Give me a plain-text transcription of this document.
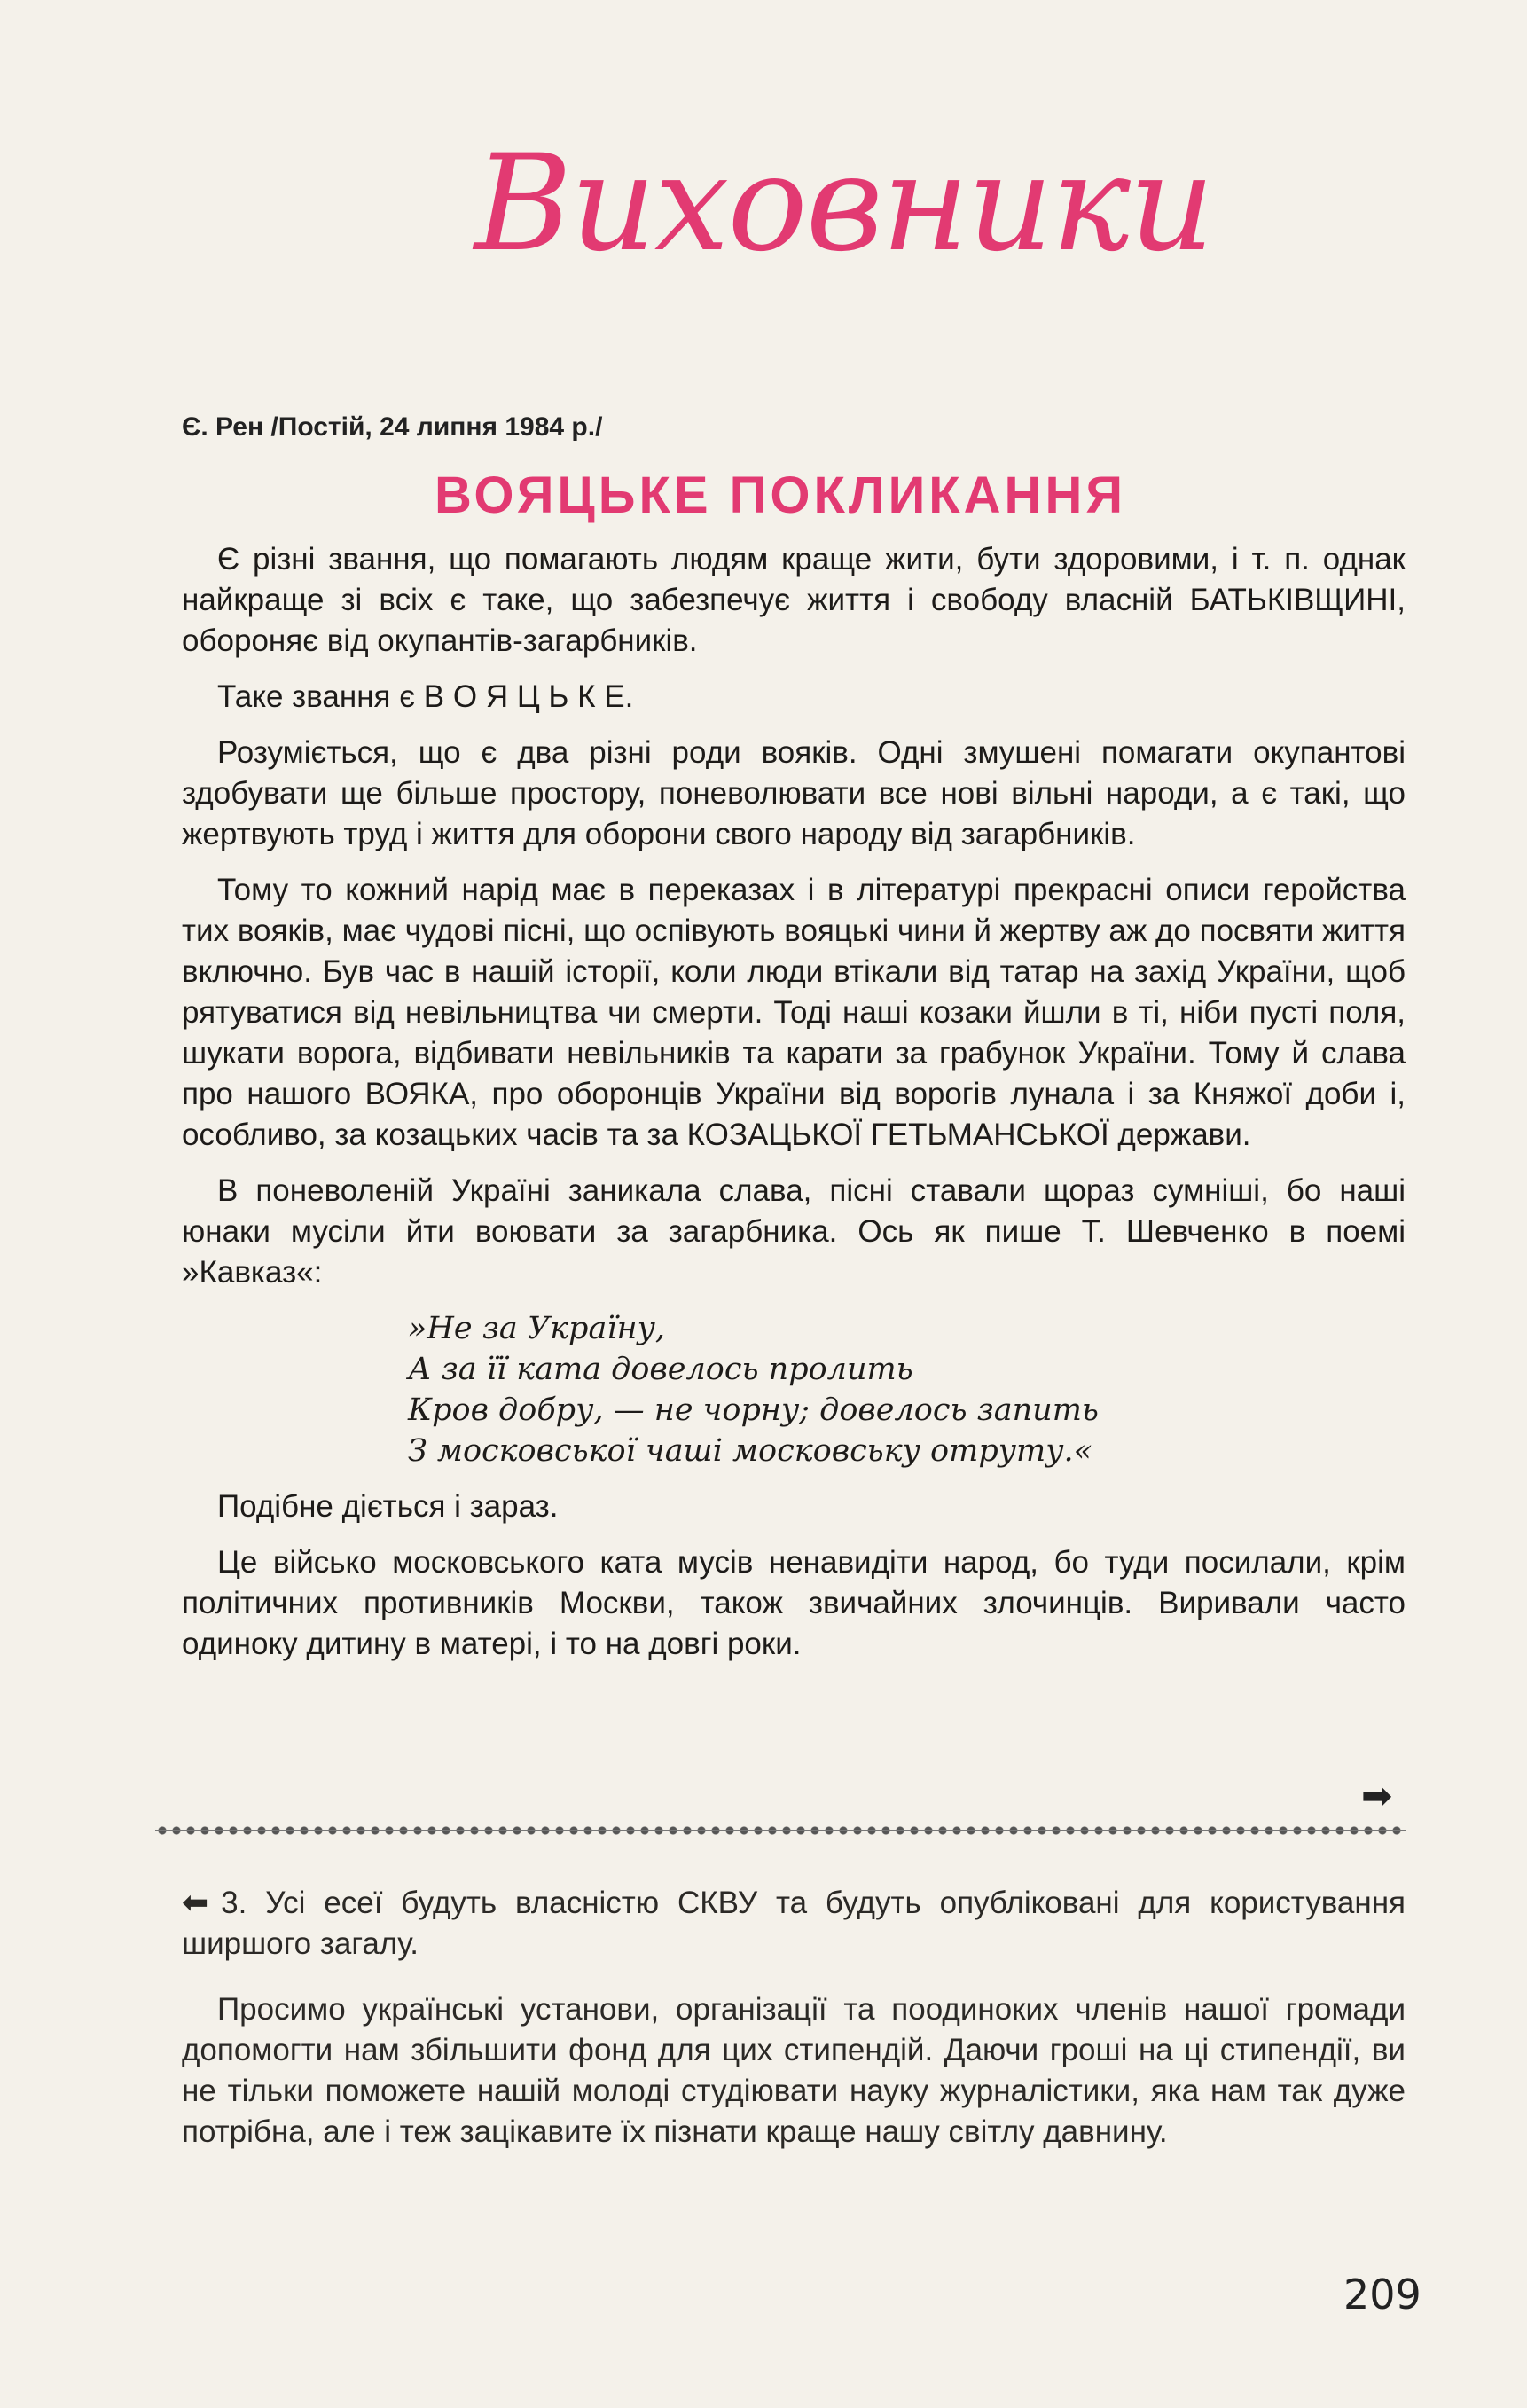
Виховники
Є. Рен /Постій, 24 липня 1984 р./
ВОЯЦЬКЕ ПОКЛИКАННЯ

Є різні звання, що помагають людям краще жити, бути здоровими, і т. п. однак найкраще зі всіх є таке, що забезпечує життя і свободу власній БАТЬКІВЩИНІ, обороняє від окупантів-загарбників.

Таке звання є В О Я Ц Ь К Е.

Розуміється, що є два різні роди вояків. Одні змушені помагати окупантові здобувати ще більше простору, поневолювати все нові вільні народи, а є такі, що жертвують труд і життя для оборони свого народу від загарбників.

Тому то кожний нарід має в переказах і в літературі прекрасні описи геройства тих вояків, має чудові пісні, що оспівують вояцькі чини й жертву аж до посвяти життя включно. Був час в нашій історії, коли люди втікали від татар на захід України, щоб рятуватися від невільництва чи смерти. Тоді наші козаки йшли в ті, ніби пусті поля, шукати ворога, відбивати невільників та карати за грабунок України. Тому й слава про нашого ВОЯКА, про оборонців України від ворогів лунала і за Княжої доби і, особливо, за козацьких часів та за КОЗАЦЬКОЇ ГЕТЬМАНСЬКОЇ держави.

В поневоленій Україні заникала слава, пісні ставали щораз сумніші, бо наші юнаки мусіли йти воювати за загарбника. Ось як пише Т. Шевченко в поемі »Кавказ«:

»Не за Україну,
А за її ката довелось пролить
Кров добру, — не чорну; довелось запить
З московської чаші московську отруту.«

Подібне діється і зараз.

Це військо московського ката мусів ненавидіти народ, бо туди посилали, крім політичних противників Москви, також звичайних злочинців. Виривали часто одиноку дитину в матері, і то на довгі роки.

➡

⬅ 3. Усі есеї будуть власністю СКВУ та будуть опубліковані для користування ширшого загалу.

Просимо українські установи, організації та поодиноких членів нашої громади допомогти нам збільшити фонд для цих стипендій. Даючи гроші на ці стипендії, ви не тільки поможете нашій молоді студіювати науку журналістики, яка нам так дуже потрібна, але і теж зацікавите їх пізнати краще нашу світлу давнину.

209
